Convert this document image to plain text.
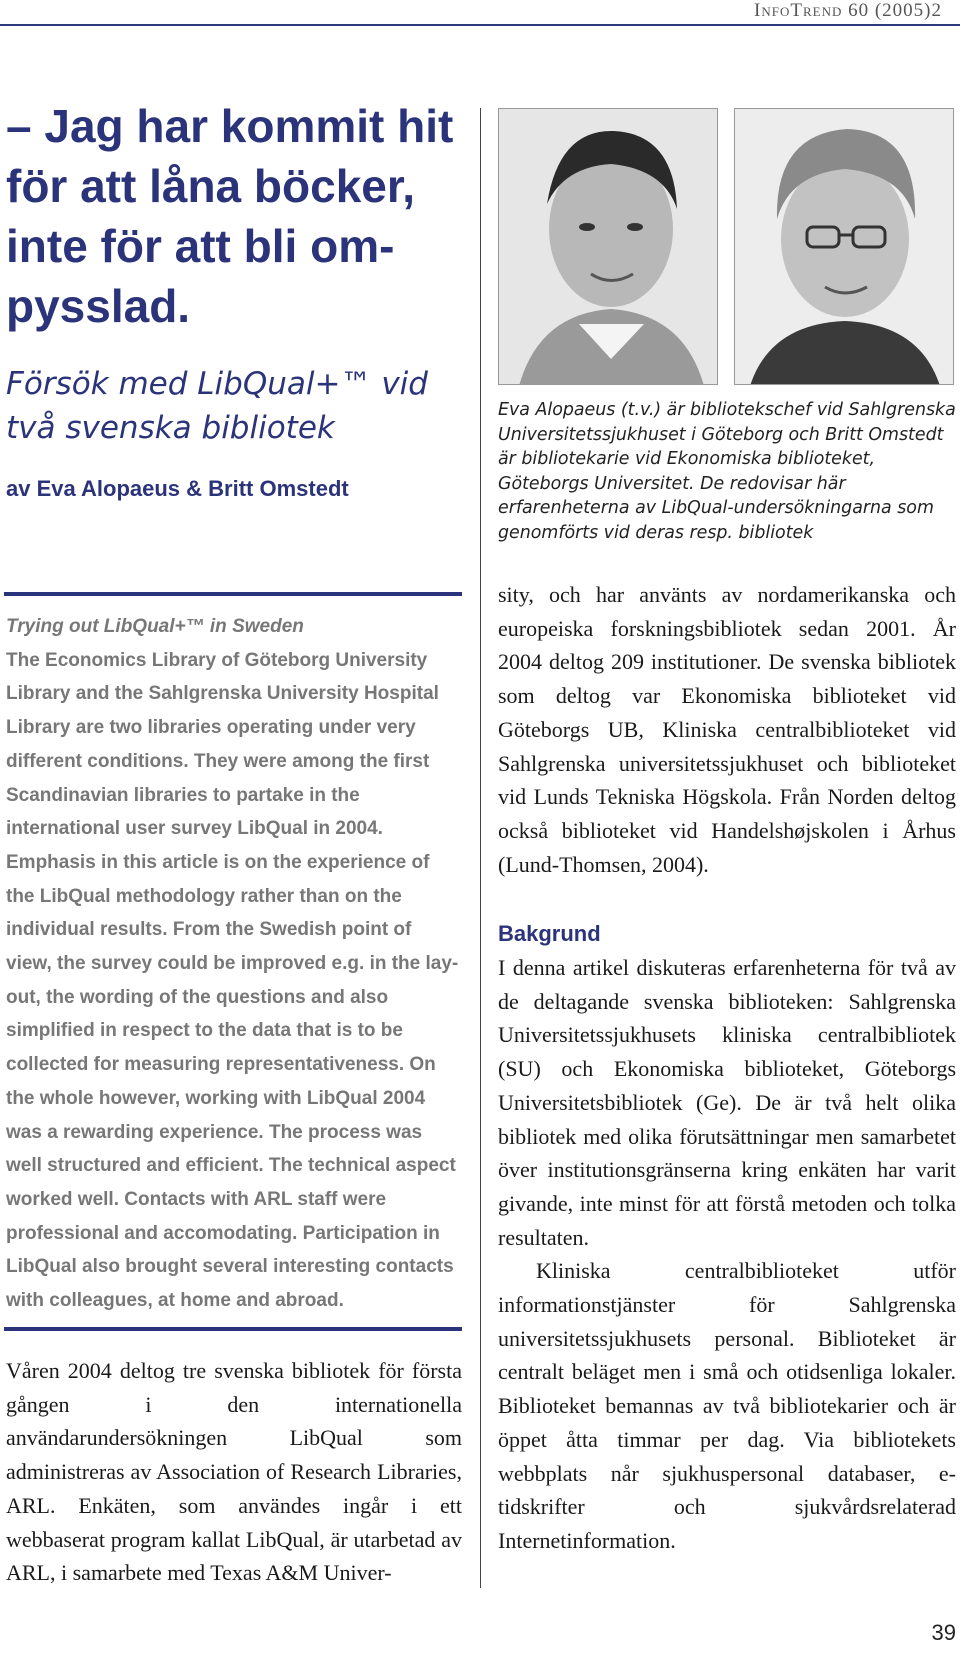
InfoTrend 60 (2005)2
– Jag har kommit hit för att låna böcker, inte för att bli om-pysslad.
Försök med LibQual+™ vid två svenska bibliotek
av Eva Alopaeus & Britt Omstedt

Eva Alopaeus (t.v.) är bibliotekschef vid Sahlgrenska Universitetssjukhuset i Göteborg och Britt Omstedt är bibliotekarie vid Ekonomiska biblioteket, Göteborgs Universitet. De redovisar här erfarenheterna av LibQual-undersökningarna som genomförts vid deras resp. bibliotek

Trying out LibQual+™ in Sweden
The Economics Library of Göteborg University Library and the Sahlgrenska University Hospital Library are two libraries operating under very different conditions. They were among the first Scandinavian libraries to partake in the international user survey LibQual in 2004. Emphasis in this article is on the experience of the LibQual methodology rather than on the individual results. From the Swedish point of view, the survey could be improved e.g. in the lay-out, the wording of the questions and also simplified in respect to the data that is to be collected for measuring representativeness. On the whole however, working with LibQual 2004 was a rewarding experience. The process was well structured and efficient. The technical aspect worked well. Contacts with ARL staff were professional and accomodating. Participation in LibQual also brought several interesting contacts with colleagues, at home and abroad.

Våren 2004 deltog tre svenska bibliotek för första gången i den internationella användarundersökningen LibQual som administreras av Association of Research Libraries, ARL. Enkäten, som användes ingår i ett webbaserat program kallat LibQual, är utarbetad av ARL, i samarbete med Texas A&M Univer-

sity, och har använts av nordamerikanska och europeiska forskningsbibliotek sedan 2001. År 2004 deltog 209 institutioner. De svenska bibliotek som deltog var Ekonomiska biblioteket vid Göteborgs UB, Kliniska centralbiblioteket vid Sahlgrenska universitetssjukhuset och biblioteket vid Lunds Tekniska Högskola. Från Norden deltog också biblioteket vid Handelshøjskolen i Århus (Lund-Thomsen, 2004).

Bakgrund

I denna artikel diskuteras erfarenheterna för två av de deltagande svenska biblioteken: Sahlgrenska Universitetssjukhusets kliniska centralbibliotek (SU) och Ekonomiska biblioteket, Göteborgs Universitetsbibliotek (Ge). De är två helt olika bibliotek med olika förutsättningar men samarbetet över institutionsgränserna kring enkäten har varit givande, inte minst för att förstå metoden och tolka resultaten.

Kliniska centralbiblioteket utför informationstjänster för Sahlgrenska universitetssjukhusets personal. Biblioteket är centralt beläget men i små och otidsenliga lokaler. Biblioteket bemannas av två bibliotekarier och är öppet åtta timmar per dag. Via bibliotekets webbplats når sjukhuspersonal databaser, e-tidskrifter och sjukvårdsrelaterad Internetinformation.

39
